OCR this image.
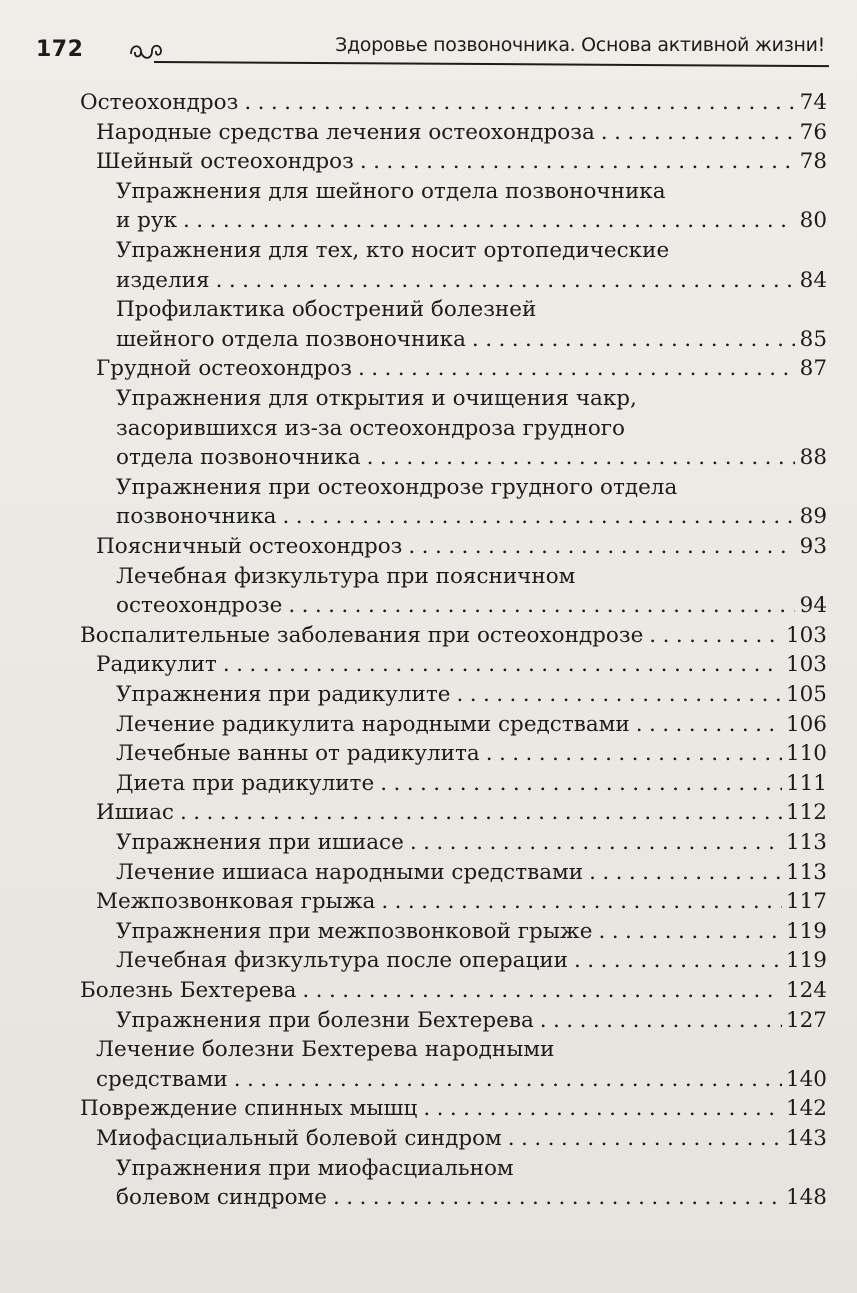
172	Здоровье позвоночника. Основа активной жизни!
Остеохондроз . . .	74
Народные средства лечения остеохондроза . . .	76
Шейный остеохондроз . . .	78
Упражнения для шейного отдела позвоночника
и рук . . .	80
Упражнения для тех, кто носит ортопедические
изделия . . .	84
Профилактика обострений болезней
шейного отдела позвоночника . . .	85
Грудной остеохондроз . . .	87
Упражнения для открытия и очищения чакр,
засорившихся из-за остеохондроза грудного
отдела позвоночника . . .	88
Упражнения при остеохондрозе грудного отдела
позвоночника . . .	89
Поясничный остеохондроз . . .	93
Лечебная физкультура при поясничном
остеохондрозе . . .	94
Воспалительные заболевания при остеохондрозе . . .	103
Радикулит . . .	103
Упражнения при радикулите . . .	105
Лечение радикулита народными средствами . . .	106
Лечебные ванны от радикулита . . .	110
Диета при радикулите . . .	111
Ишиас . . .	112
Упражнения при ишиасе . . .	113
Лечение ишиаса народными средствами . . .	113
Межпозвонковая грыжа . . .	117
Упражнения при межпозвонковой грыже . . .	119
Лечебная физкультура после операции . . .	119
Болезнь Бехтерева . . .	124
Упражнения при болезни Бехтерева . . .	127
Лечение болезни Бехтерева народными
средствами . . .	140
Повреждение спинных мышц . . .	142
Миофасциальный болевой синдром . . .	143
Упражнения при миофасциальном
болевом синдроме . . .	148
